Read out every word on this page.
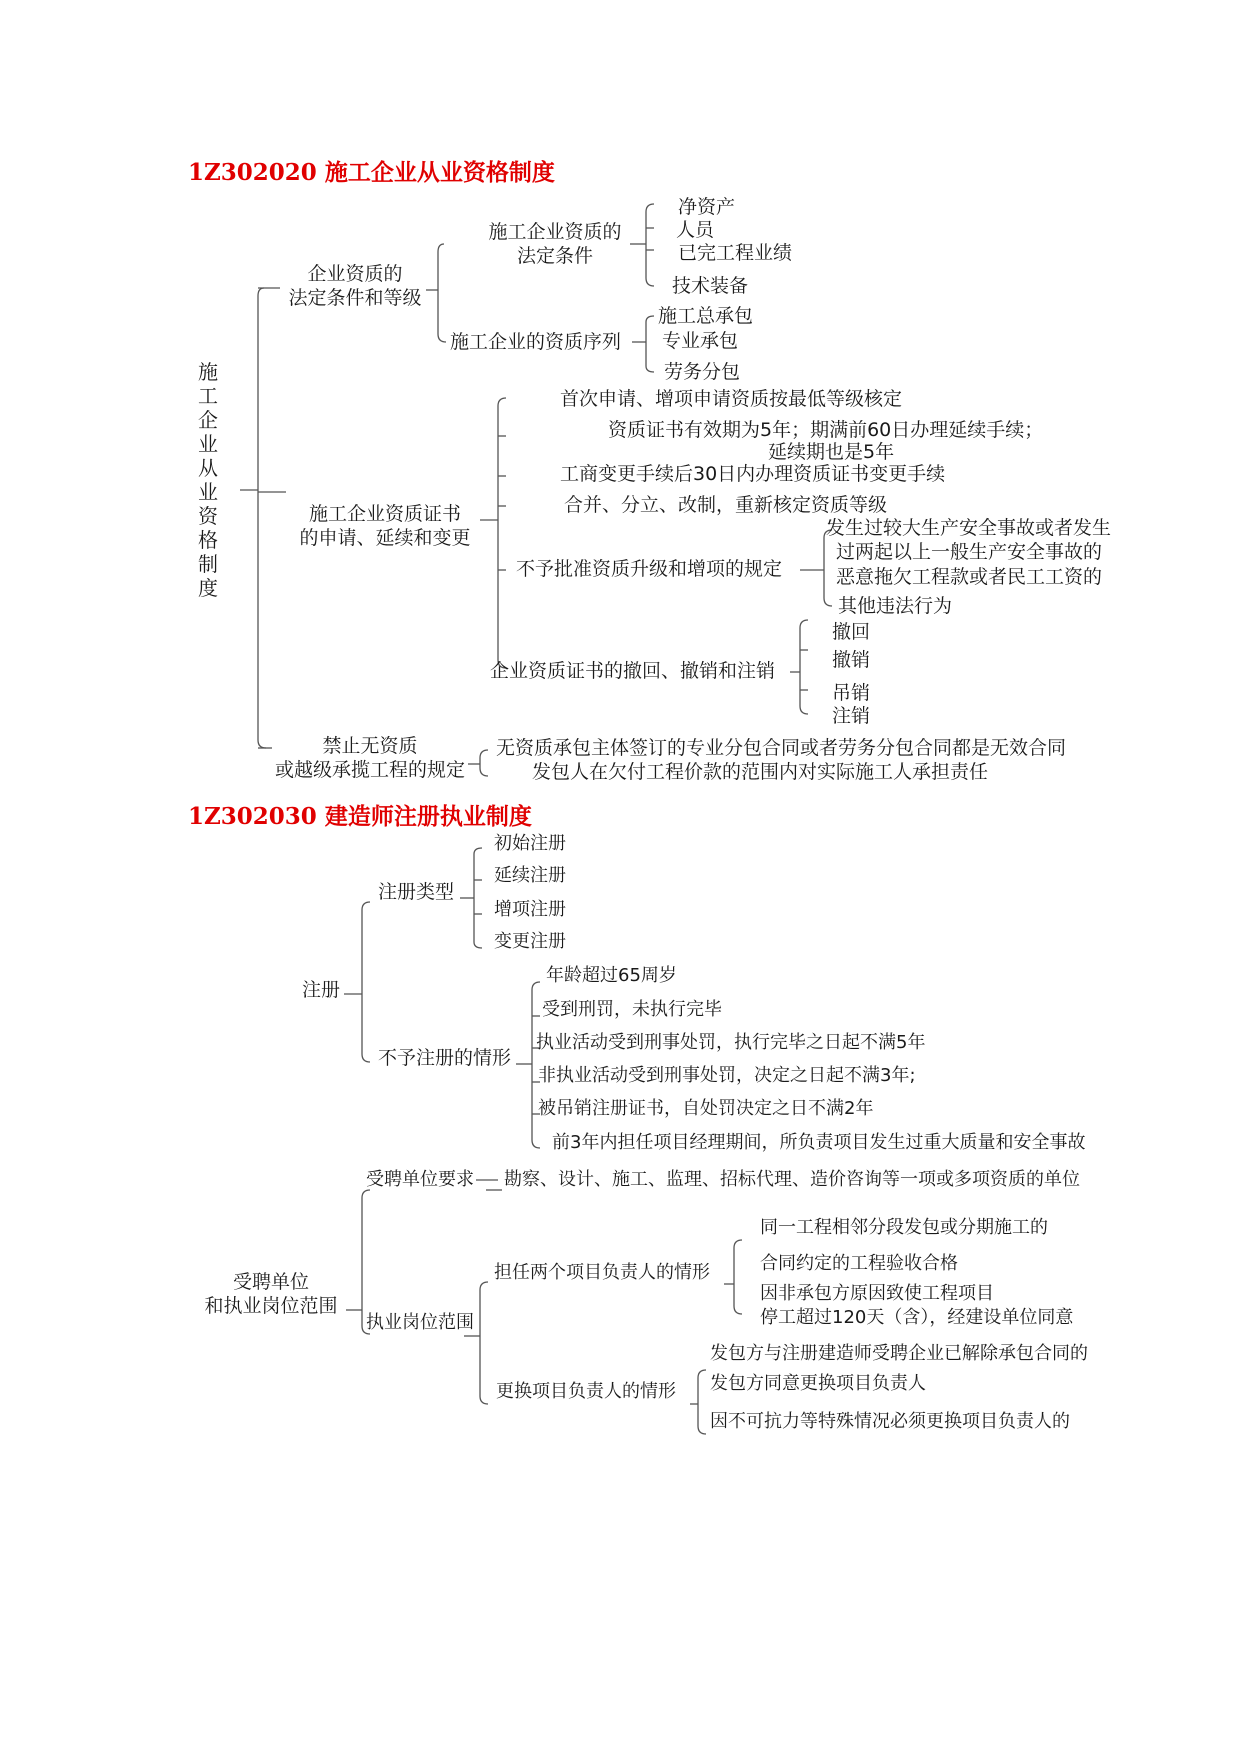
1Z302020 施工企业从业资格制度
施工企业从业资格制度
企业资质的
法定条件和等级
施工企业资质的
法定条件
净资产
人员
已完工程业绩
技术装备
施工企业的资质序列
施工总承包
专业承包
劳务分包
施工企业资质证书
的申请、延续和变更
首次申请、增项申请资质按最低等级核定
资质证书有效期为5年；期满前60日办理延续手续；
延续期也是5年
工商变更手续后30日内办理资质证书变更手续
合并、分立、改制，重新核定资质等级
不予批准资质升级和增项的规定
发生过较大生产安全事故或者发生
过两起以上一般生产安全事故的
恶意拖欠工程款或者民工工资的
其他违法行为
企业资质证书的撤回、撤销和注销
撤回
撤销
吊销
注销
禁止无资质
或越级承揽工程的规定
无资质承包主体签订的专业分包合同或者劳务分包合同都是无效合同
发包人在欠付工程价款的范围内对实际施工人承担责任
1Z302030 建造师注册执业制度
注册
注册类型
初始注册
延续注册
增项注册
变更注册
不予注册的情形
年龄超过65周岁
受到刑罚，未执行完毕
执业活动受到刑事处罚，执行完毕之日起不满5年
非执业活动受到刑事处罚，决定之日起不满3年;
被吊销注册证书，自处罚决定之日不满2年
前3年内担任项目经理期间，所负责项目发生过重大质量和安全事故
受聘单位
和执业岗位范围
受聘单位要求 勘察、设计、施工、监理、招标代理、造价咨询等一项或多项资质的单位
执业岗位范围
担任两个项目负责人的情形
同一工程相邻分段发包或分期施工的
合同约定的工程验收合格
因非承包方原因致使工程项目
停工超过120天（含），经建设单位同意
更换项目负责人的情形
发包方与注册建造师受聘企业已解除承包合同的
发包方同意更换项目负责人
因不可抗力等特殊情况必须更换项目负责人的
